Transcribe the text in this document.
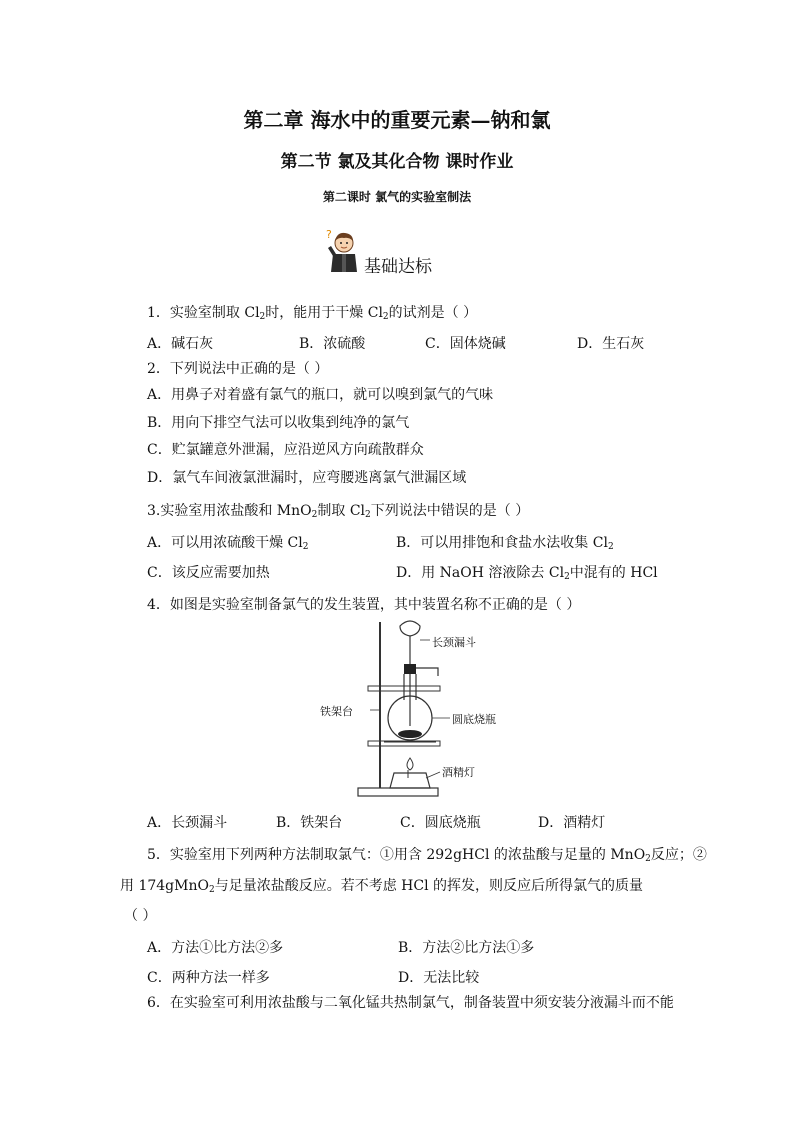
第二章 海水中的重要元素—钠和氯
第二节 氯及其化合物 课时作业
第二课时 氯气的实验室制法
?
基础达标
1．实验室制取 $Cl_2$时，能用于干燥 $Cl_2$的试剂是（ ）
A．碱石灰	B．浓硫酸	C．固体烧碱	D．生石灰
2．下列说法中正确的是（ ）
A．用鼻子对着盛有氯气的瓶口，就可以嗅到氯气的气味
B．用向下排空气法可以收集到纯净的氯气
C．贮氯罐意外泄漏，应沿逆风方向疏散群众
D．氯气车间液氯泄漏时，应弯腰逃离氯气泄漏区域
3.实验室用浓盐酸和 MnO$_2$制取 $Cl_2$下列说法中错误的是（ ）
A．可以用浓硫酸干燥 $Cl_2$	B．可以用排饱和食盐水法收集 $Cl_2$
C．该反应需要加热	D．用 NaOH 溶液除去 $Cl_2$中混有的 HCl
4．如图是实验室制备氯气的发生装置，其中装置名称不正确的是（ ）
长颈漏斗
铁架台
圆底烧瓶
酒精灯
A．长颈漏斗	B．铁架台	C．圆底烧瓶	D．酒精灯
5．实验室用下列两种方法制取氯气：①用含 292gHCl 的浓盐酸与足量的 MnO$_2$反应；②
用 174gMnO$_2$与足量浓盐酸反应。若不考虑 HCl 的挥发，则反应后所得氯气的质量
（ ）
A．方法①比方法②多	B．方法②比方法①多
C．两种方法一样多	D．无法比较
6．在实验室可利用浓盐酸与二氧化锰共热制氯气，制备装置中须安装分液漏斗而不能
